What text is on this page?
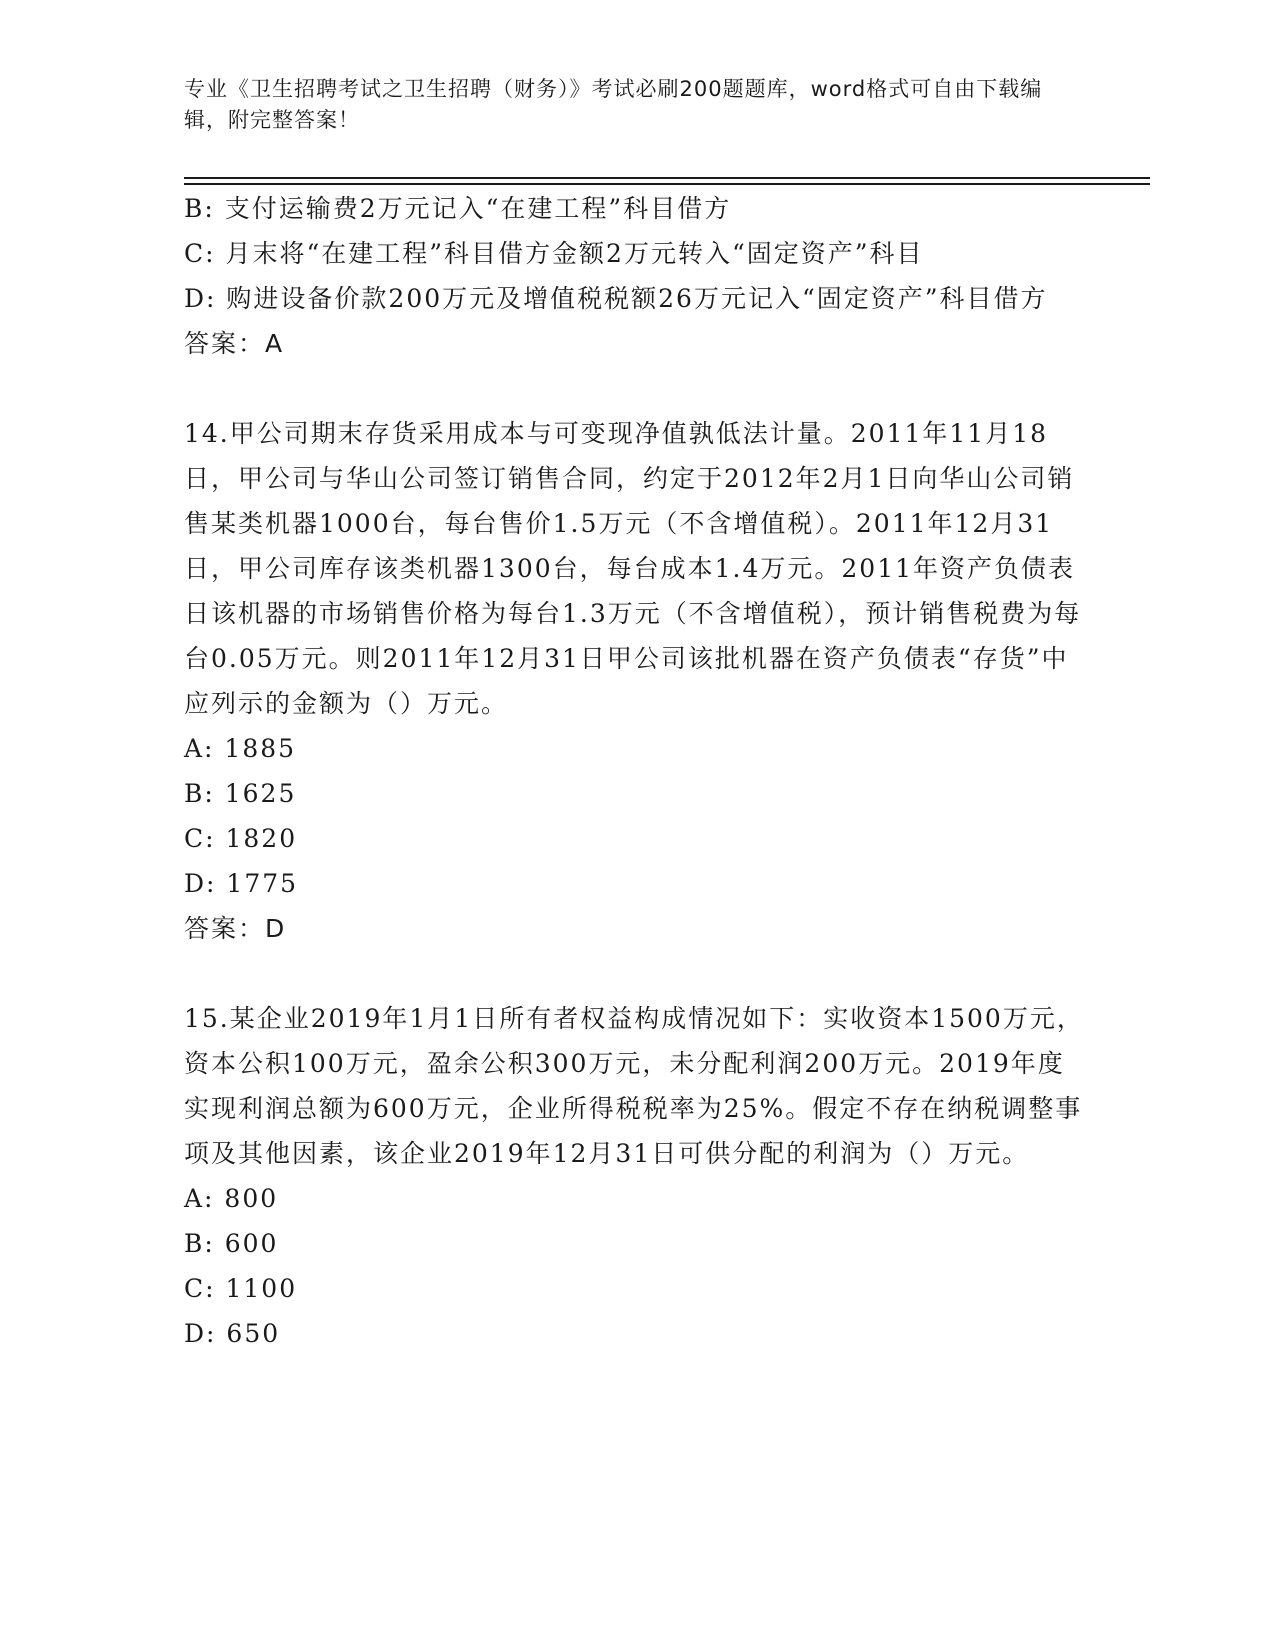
专业《卫生招聘考试之卫生招聘（财务）》考试必刷200题题库，word格式可自由下载编辑，附完整答案！

B: 支付运输费2万元记入“在建工程”科目借方

C: 月末将“在建工程”科目借方金额2万元转入“固定资产”科目

D: 购进设备价款200万元及增值税税额26万元记入“固定资产”科目借方

答案：A

14.甲公司期末存货采用成本与可变现净值孰低法计量。2011年11月18日，甲公司与华山公司签订销售合同，约定于2012年2月1日向华山公司销售某类机器1000台，每台售价1.5万元（不含增值税）。2011年12月31日，甲公司库存该类机器1300台，每台成本1.4万元。2011年资产负债表日该机器的市场销售价格为每台1.3万元（不含增值税），预计销售税费为每台0.05万元。则2011年12月31日甲公司该批机器在资产负债表“存货”中应列示的金额为（）万元。

A: 1885

B: 1625

C: 1820

D: 1775

答案：D

15.某企业2019年1月1日所有者权益构成情况如下：实收资本1500万元，资本公积100万元，盈余公积300万元，未分配利润200万元。2019年度实现利润总额为600万元，企业所得税税率为25%。假定不存在纳税调整事项及其他因素，该企业2019年12月31日可供分配的利润为（）万元。

A: 800

B: 600

C: 1100

D: 650
